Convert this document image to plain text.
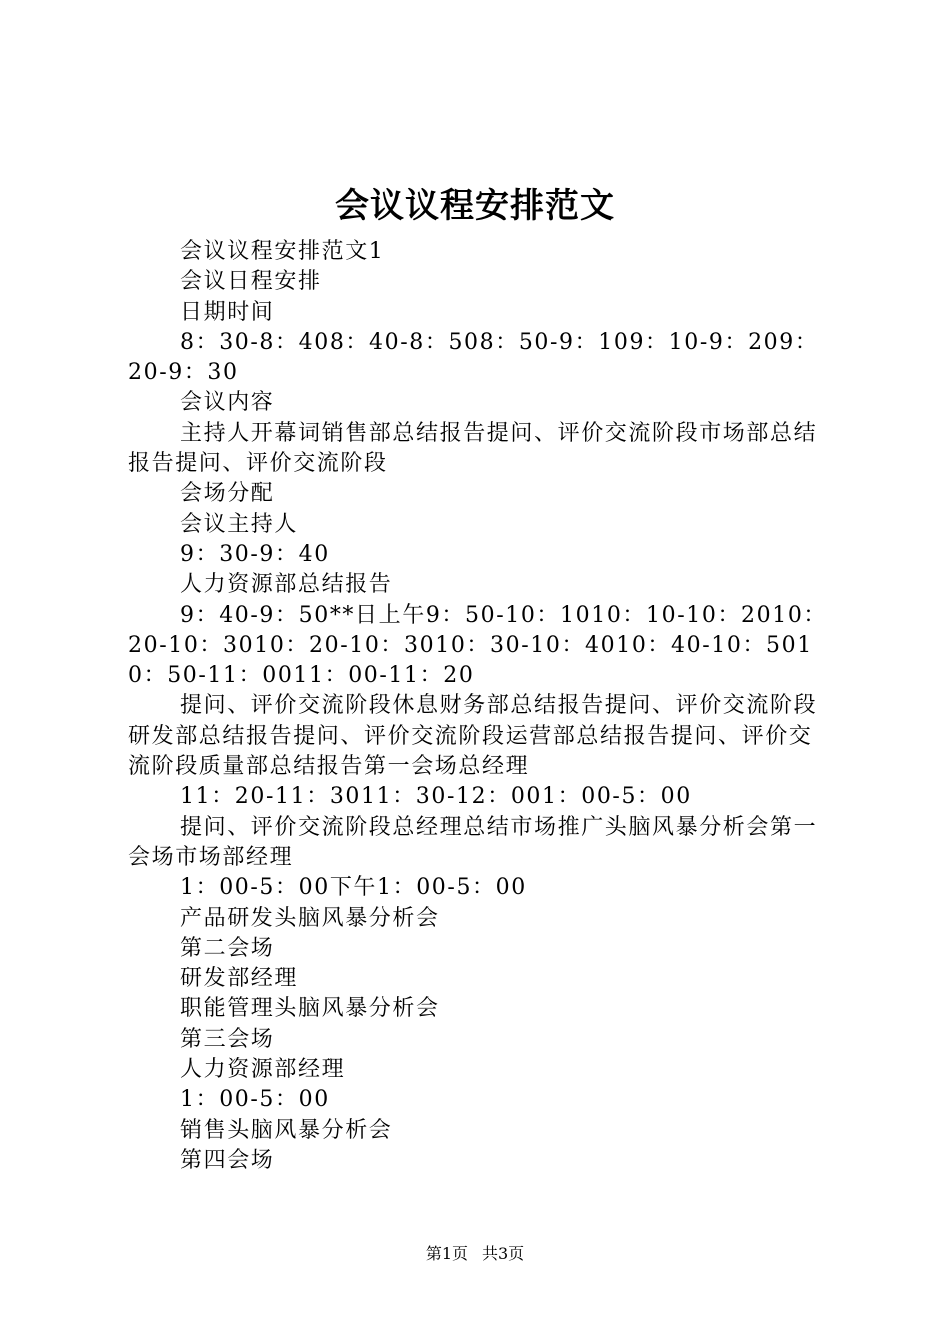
会议议程安排范文

会议议程安排范文1

会议日程安排

日期时间

8：30-8：408：40-8：508：50-9：109：10-9：209：20-9：30

会议内容

主持人开幕词销售部总结报告提问、评价交流阶段市场部总结报告提问、评价交流阶段

会场分配

会议主持人

9：30-9：40

人力资源部总结报告

9：40-9：50**日上午9：50-10：1010：10-10：2010：20-10：3010：20-10：3010：30-10：4010：40-10：5010：50-11：0011：00-11：20

提问、评价交流阶段休息财务部总结报告提问、评价交流阶段研发部总结报告提问、评价交流阶段运营部总结报告提问、评价交流阶段质量部总结报告第一会场总经理

11：20-11：3011：30-12：001：00-5：00

提问、评价交流阶段总经理总结市场推广头脑风暴分析会第一会场市场部经理

1：00-5：00下午1：00-5：00

产品研发头脑风暴分析会

第二会场

研发部经理

职能管理头脑风暴分析会

第三会场

人力资源部经理

1：00-5：00

销售头脑风暴分析会

第四会场

第1页 共3页
